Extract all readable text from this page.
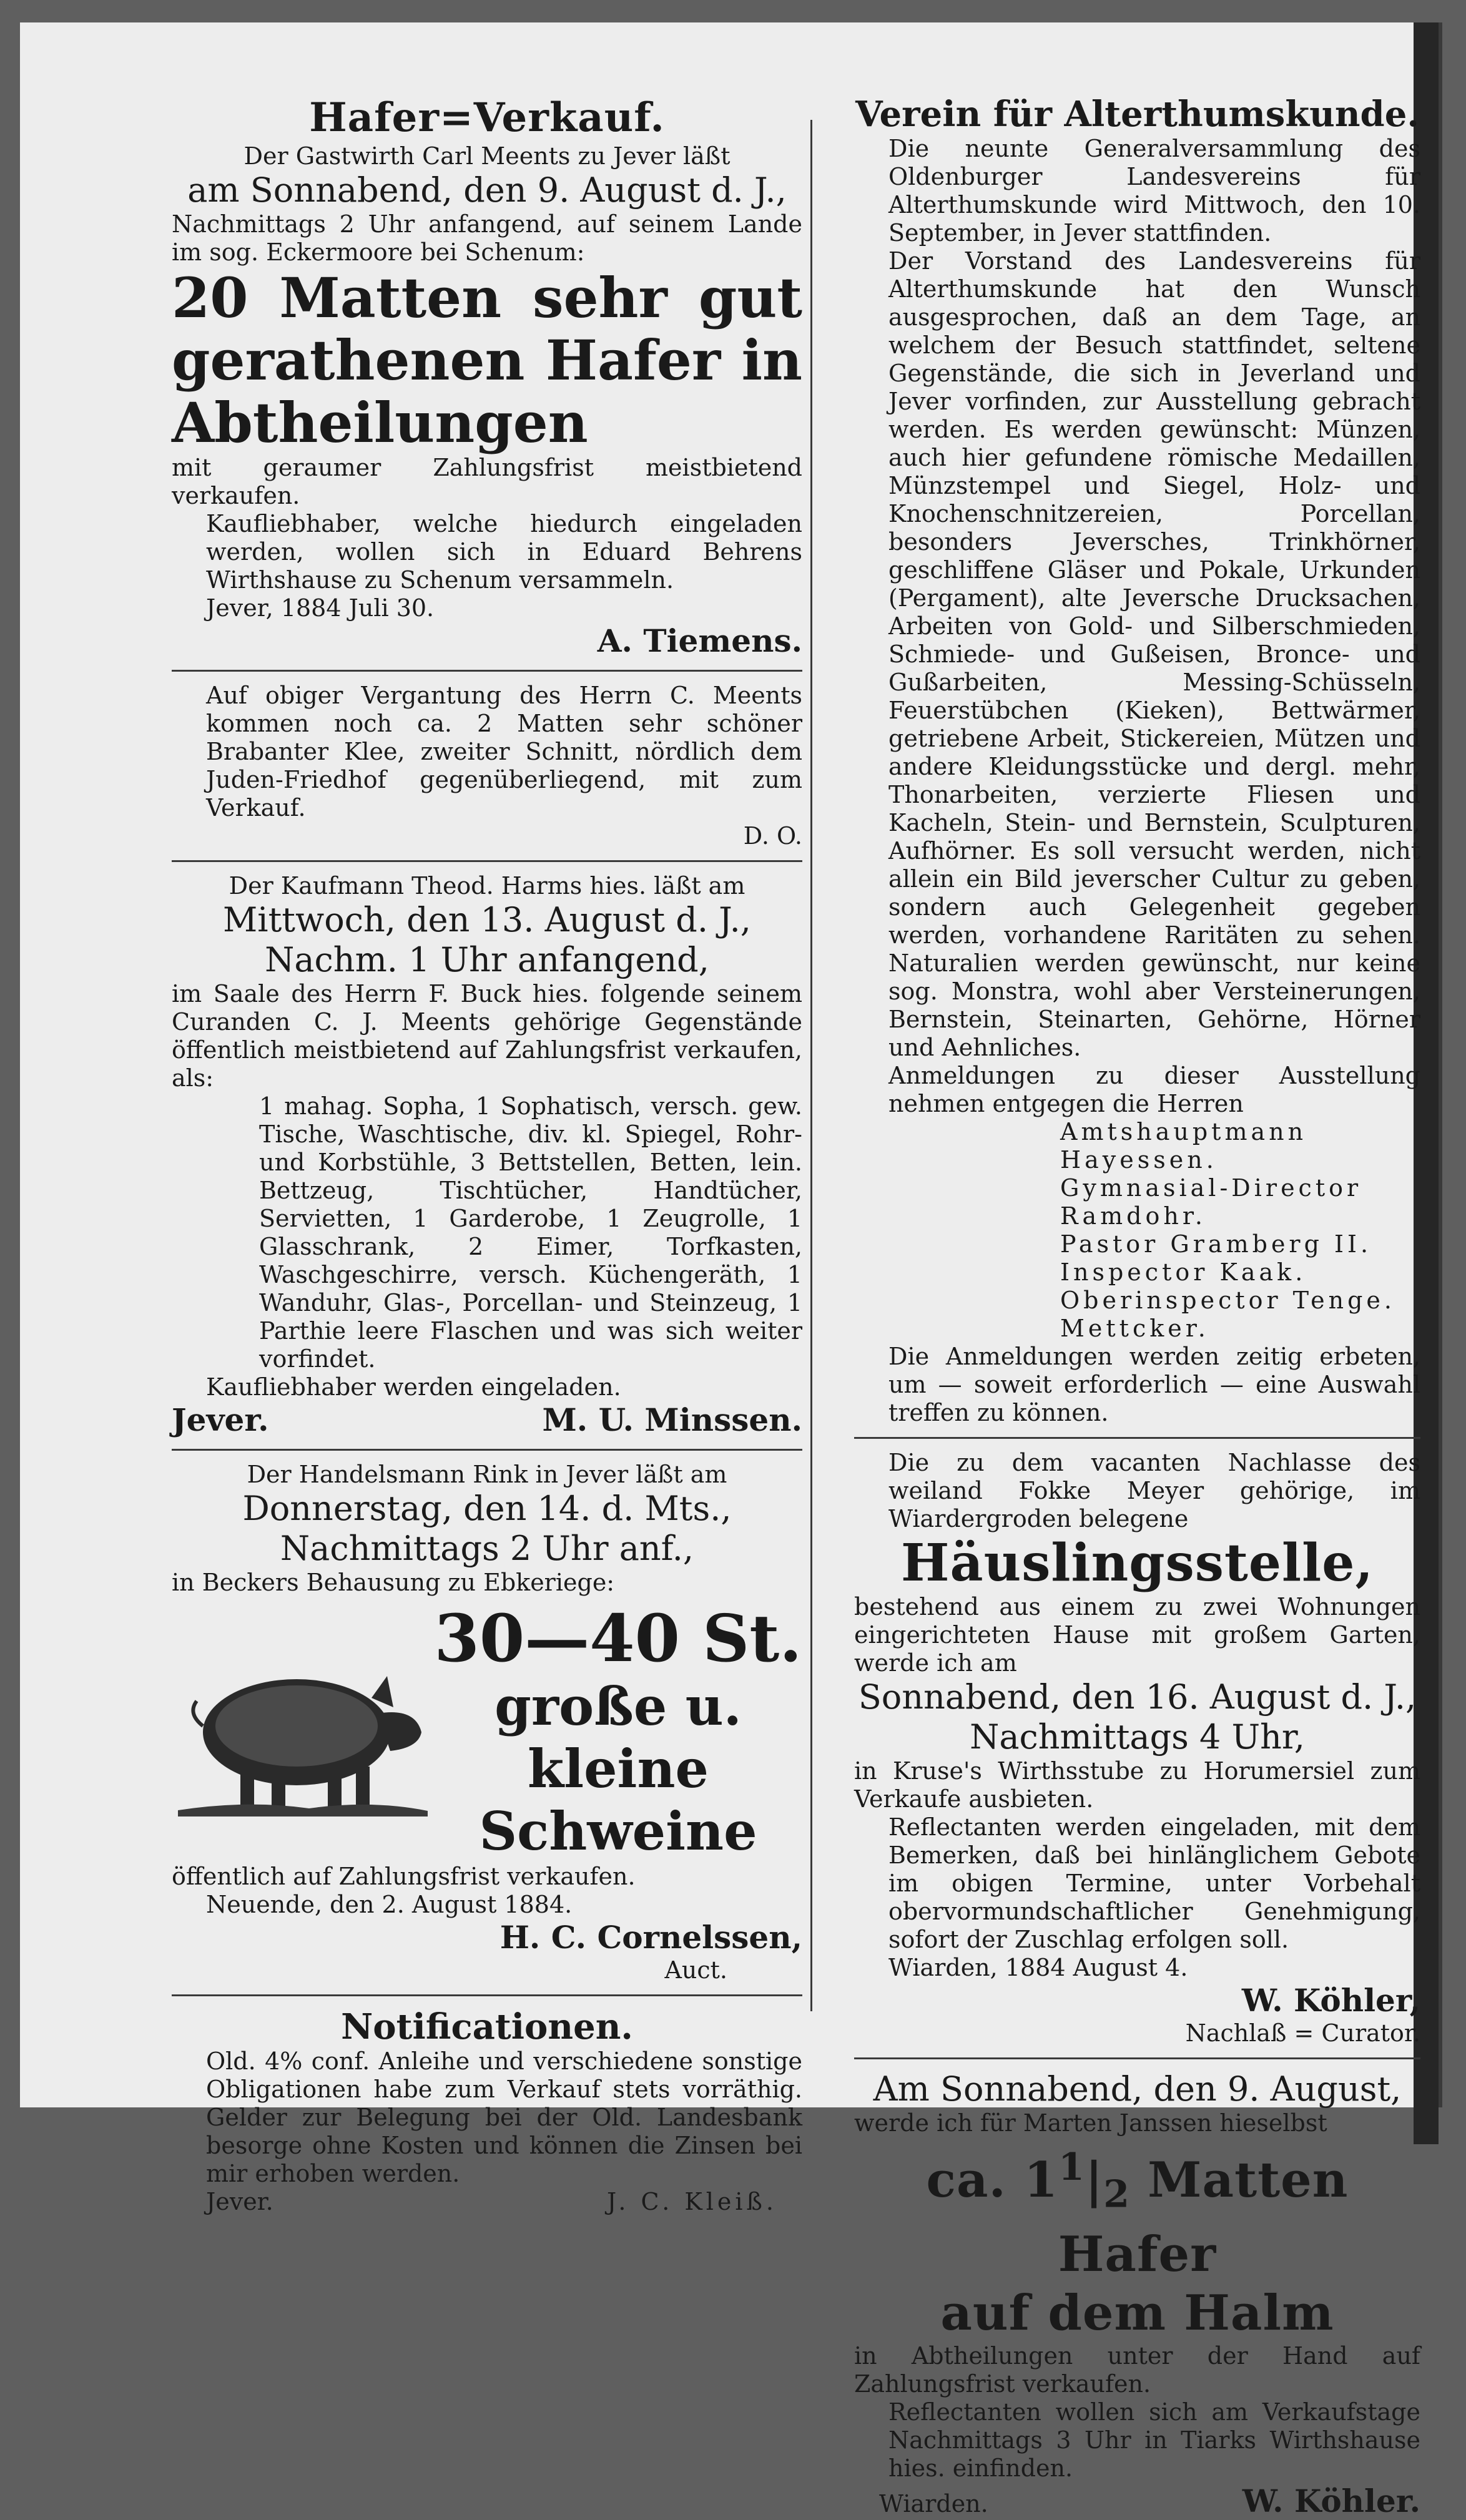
Hafer=Verkauf.

Der Gastwirth Carl Meents zu Jever läßt

am Sonnabend, den 9. August d. J.,

Nachmittags 2 Uhr anfangend, auf seinem Lande im sog. Eckermoore bei Schenum:

20 Matten sehr gut gerathenen Hafer in Abtheilungen

mit geraumer Zahlungsfrist meistbietend verkaufen.

Kaufliebhaber, welche hiedurch eingeladen werden, wollen sich in Eduard Behrens Wirthshause zu Schenum versammeln.

Jever, 1884 Juli 30.

A. Tiemens.

Auf obiger Vergantung des Herrn C. Meents kommen noch ca. 2 Matten sehr schöner Brabanter Klee, zweiter Schnitt, nördlich dem Juden-Friedhof gegenüberliegend, mit zum Verkauf.

D. O.

Der Kaufmann Theod. Harms hies. läßt am

Mittwoch, den 13. August d. J.,

Nachm. 1 Uhr anfangend,

im Saale des Herrn F. Buck hies. folgende seinem Curanden C. J. Meents gehörige Gegenstände öffentlich meistbietend auf Zahlungsfrist verkaufen, als:

1 mahag. Sopha, 1 Sophatisch, versch. gew. Tische, Waschtische, div. kl. Spiegel, Rohr- und Korbstühle, 3 Bettstellen, Betten, lein. Bettzeug, Tischtücher, Handtücher, Servietten, 1 Garderobe, 1 Zeugrolle, 1 Glasschrank, 2 Eimer, Torfkasten, Waschgeschirre, versch. Küchengeräth, 1 Wanduhr, Glas-, Porcellan- und Steinzeug, 1 Parthie leere Flaschen und was sich weiter vorfindet.

Kaufliebhaber werden eingeladen.

Jever.	M. U. Minssen.

Der Handelsmann Rink in Jever läßt am

Donnerstag, den 14. d. Mts.,

Nachmittags 2 Uhr anf.,

in Beckers Behausung zu Ebkeriege:

30—40 St.

große u. kleine

Schweine

öffentlich auf Zahlungsfrist verkaufen.

Neuende, den 2. August 1884.

H. C. Cornelssen,

Auct.

Notificationen.

Old. 4% conf. Anleihe und verschiedene sonstige Obligationen habe zum Verkauf stets vorräthig. Gelder zur Belegung bei der Old. Landesbank besorge ohne Kosten und können die Zinsen bei mir erhoben werden.

Jever.	J. C. Kleiß.

Verein für Alterthumskunde.

Die neunte Generalversammlung des Oldenburger Landesvereins für Alterthumskunde wird Mittwoch, den 10. September, in Jever stattfinden.

Der Vorstand des Landesvereins für Alterthumskunde hat den Wunsch ausgesprochen, daß an dem Tage, an welchem der Besuch stattfindet, seltene Gegenstände, die sich in Jeverland und Jever vorfinden, zur Ausstellung gebracht werden. Es werden gewünscht: Münzen, auch hier gefundene römische Medaillen, Münzstempel und Siegel, Holz- und Knochenschnitzereien, Porcellan, besonders Jeversches, Trinkhörner, geschliffene Gläser und Pokale, Urkunden (Pergament), alte Jeversche Drucksachen, Arbeiten von Gold- und Silberschmieden, Schmiede- und Gußeisen, Bronce- und Gußarbeiten, Messing-Schüsseln, Feuerstübchen (Kieken), Bettwärmer, getriebene Arbeit, Stickereien, Mützen und andere Kleidungsstücke und dergl. mehr, Thonarbeiten, verzierte Fliesen und Kacheln, Stein- und Bernstein, Sculpturen, Aufhörner. Es soll versucht werden, nicht allein ein Bild jeverscher Cultur zu geben, sondern auch Gelegenheit gegeben werden, vorhandene Raritäten zu sehen. Naturalien werden gewünscht, nur keine sog. Monstra, wohl aber Versteinerungen, Bernstein, Steinarten, Gehörne, Hörner und Aehnliches.

Anmeldungen zu dieser Ausstellung nehmen entgegen die Herren

Amtshauptmann Hayessen.

Gymnasial-Director Ramdohr.

Pastor Gramberg II.

Inspector Kaak.

Oberinspector Tenge.

Mettcker.

Die Anmeldungen werden zeitig erbeten, um — soweit erforderlich — eine Auswahl treffen zu können.

Die zu dem vacanten Nachlasse des weiland Fokke Meyer gehörige, im Wiardergroden belegene

Häuslingsstelle,

bestehend aus einem zu zwei Wohnungen eingerichteten Hause mit großem Garten, werde ich am

Sonnabend, den 16. August d. J.,

Nachmittags 4 Uhr,

in Kruse's Wirthsstube zu Horumersiel zum Verkaufe ausbieten.

Reflectanten werden eingeladen, mit dem Bemerken, daß bei hinlänglichem Gebote im obigen Termine, unter Vorbehalt obervormundschaftlicher Genehmigung, sofort der Zuschlag erfolgen soll.

Wiarden, 1884 August 4.

W. Köhler,

Nachlaß = Curator.

Am Sonnabend, den 9. August,

werde ich für Marten Janssen hieselbst

ca. $1^1|_2$ Matten Hafer

auf dem Halm

in Abtheilungen unter der Hand auf Zahlungsfrist verkaufen.

Reflectanten wollen sich am Verkaufstage Nachmittags 3 Uhr in Tiarks Wirthshause hies. einfinden.

Wiarden.	W. Köhler.
